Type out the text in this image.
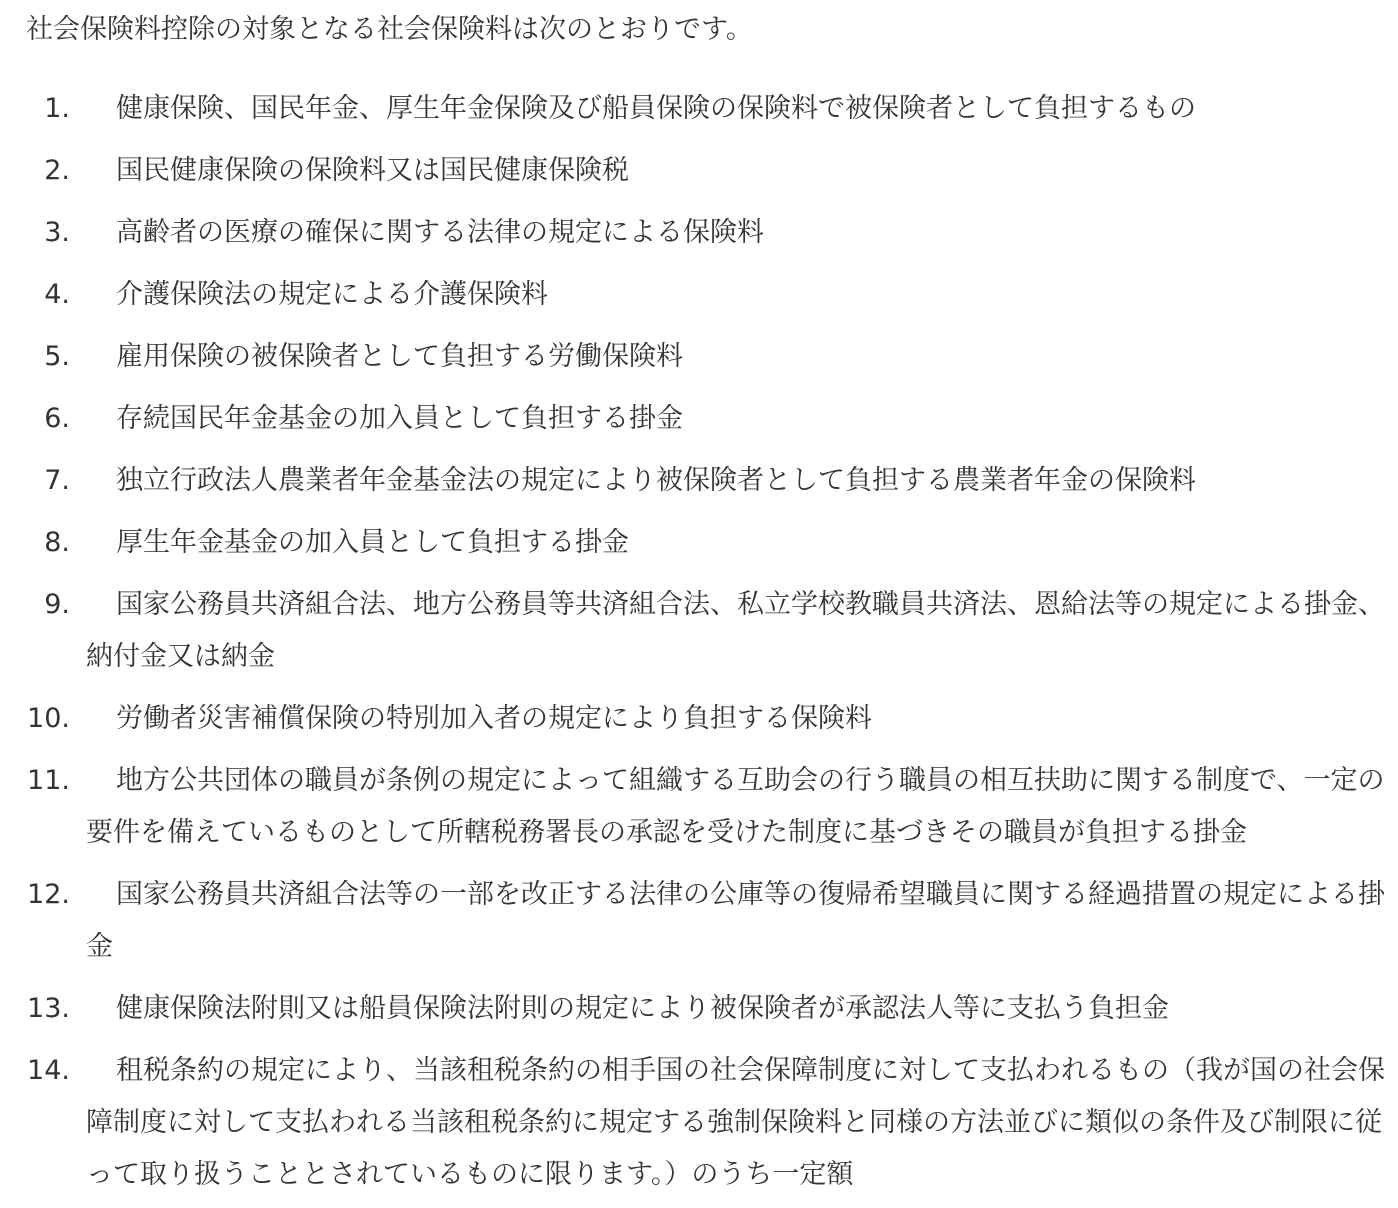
社会保険料控除の対象となる社会保険料は次のとおりです。

1.	健康保険、国民年金、厚生年金保険及び船員保険の保険料で被保険者として負担するもの
2.	国民健康保険の保険料又は国民健康保険税
3.	高齢者の医療の確保に関する法律の規定による保険料
4.	介護保険法の規定による介護保険料
5.	雇用保険の被保険者として負担する労働保険料
6.	存続国民年金基金の加入員として負担する掛金
7.	独立行政法人農業者年金基金法の規定により被保険者として負担する農業者年金の保険料
8.	厚生年金基金の加入員として負担する掛金
9.	国家公務員共済組合法、地方公務員等共済組合法、私立学校教職員共済法、恩給法等の規定による掛金、納付金又は納金
10.	労働者災害補償保険の特別加入者の規定により負担する保険料
11.	地方公共団体の職員が条例の規定によって組織する互助会の行う職員の相互扶助に関する制度で、一定の要件を備えているものとして所轄税務署長の承認を受けた制度に基づきその職員が負担する掛金
12.	国家公務員共済組合法等の一部を改正する法律の公庫等の復帰希望職員に関する経過措置の規定による掛金
13.	健康保険法附則又は船員保険法附則の規定により被保険者が承認法人等に支払う負担金
14.	租税条約の規定により、当該租税条約の相手国の社会保障制度に対して支払われるもの（我が国の社会保障制度に対して支払われる当該租税条約に規定する強制保険料と同様の方法並びに類似の条件及び制限に従って取り扱うこととされているものに限ります。）のうち一定額
